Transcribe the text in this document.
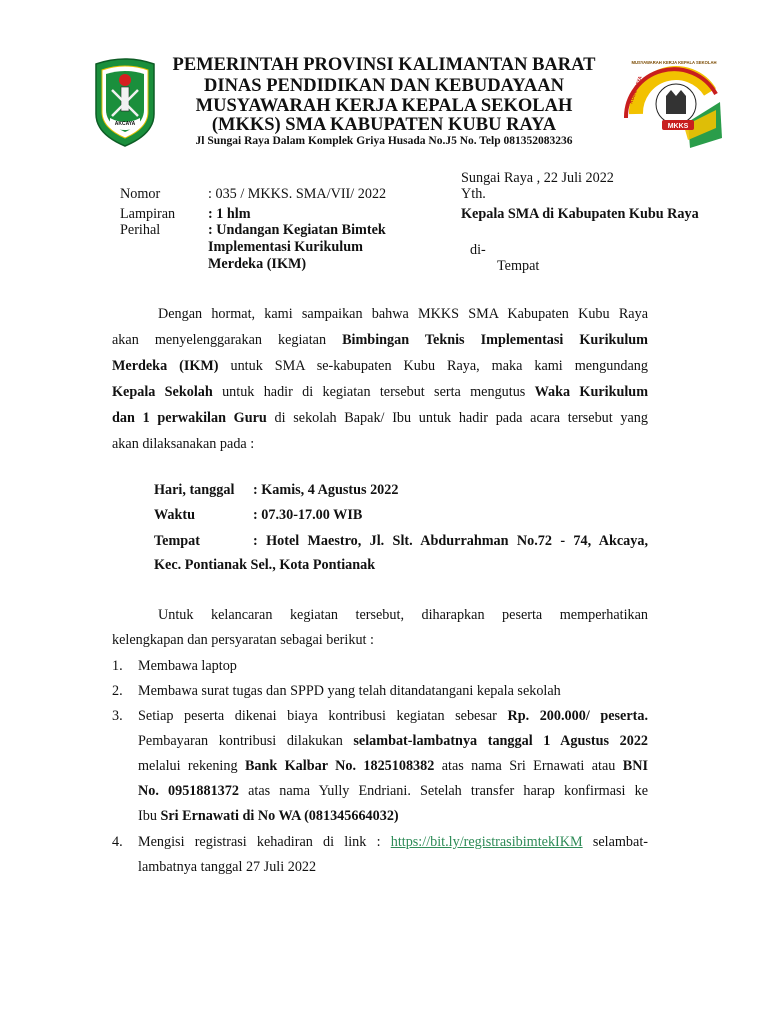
AKCAYA	MKKS
KUBU RAYA
MUSYAWARAH KERJA KEPALA SEKOLAH
PEMERINTAH PROVINSI KALIMANTAN BARAT
DINAS PENDIDIKAN DAN KEBUDAYAAN
MUSYAWARAH KERJA KEPALA SEKOLAH
(MKKS) SMA KABUPATEN KUBU RAYA
Jl Sungai Raya Dalam Komplek Griya Husada No.J5 No. Telp 081352083236
Sungai Raya , 22 Juli 2022
Yth.
Kepala SMA di Kabupaten Kubu Raya
di-
Tempat
Nomor	: 035 / MKKS. SMA/VII/ 2022
Lampiran : 1 hlm
Perihal	: Undangan Kegiatan Bimtek
Implementasi Kurikulum
Merdeka (IKM)
Dengan hormat, kami sampaikan bahwa MKKS SMA Kabupaten Kubu Raya
akan menyelenggarakan kegiatan Bimbingan Teknis Implementasi Kurikulum
Merdeka (IKM) untuk SMA se-kabupaten Kubu Raya, maka kami mengundang
Kepala Sekolah untuk hadir di kegiatan tersebut serta mengutus Waka Kurikulum
dan 1 perwakilan Guru di sekolah Bapak/ Ibu untuk hadir pada acara tersebut yang
akan dilaksanakan pada :
Hari, tanggal : Kamis, 4 Agustus 2022
Waktu	: 07.30-17.00 WIB
Tempat	: Hotel Maestro, Jl. Slt. Abdurrahman No.72 - 74, Akcaya,
Kec. Pontianak Sel., Kota Pontianak
Untuk kelancaran kegiatan tersebut, diharapkan peserta memperhatikan
kelengkapan dan persyaratan sebagai berikut :
1. Membawa laptop
2. Membawa surat tugas dan SPPD yang telah ditandatangani kepala sekolah
3. Setiap peserta dikenai biaya kontribusi kegiatan sebesar Rp. 200.000/ peserta.
Pembayaran kontribusi dilakukan selambat-lambatnya tanggal 1 Agustus 2022
melalui rekening Bank Kalbar No. 1825108382 atas nama Sri Ernawati atau BNI
No. 0951881372 atas nama Yully Endriani. Setelah transfer harap konfirmasi ke
Ibu Sri Ernawati di No WA (081345664032)
4. Mengisi registrasi kehadiran di link : https://bit.ly/registrasibimtekIKM selambat-
lambatnya tanggal 27 Juli 2022
